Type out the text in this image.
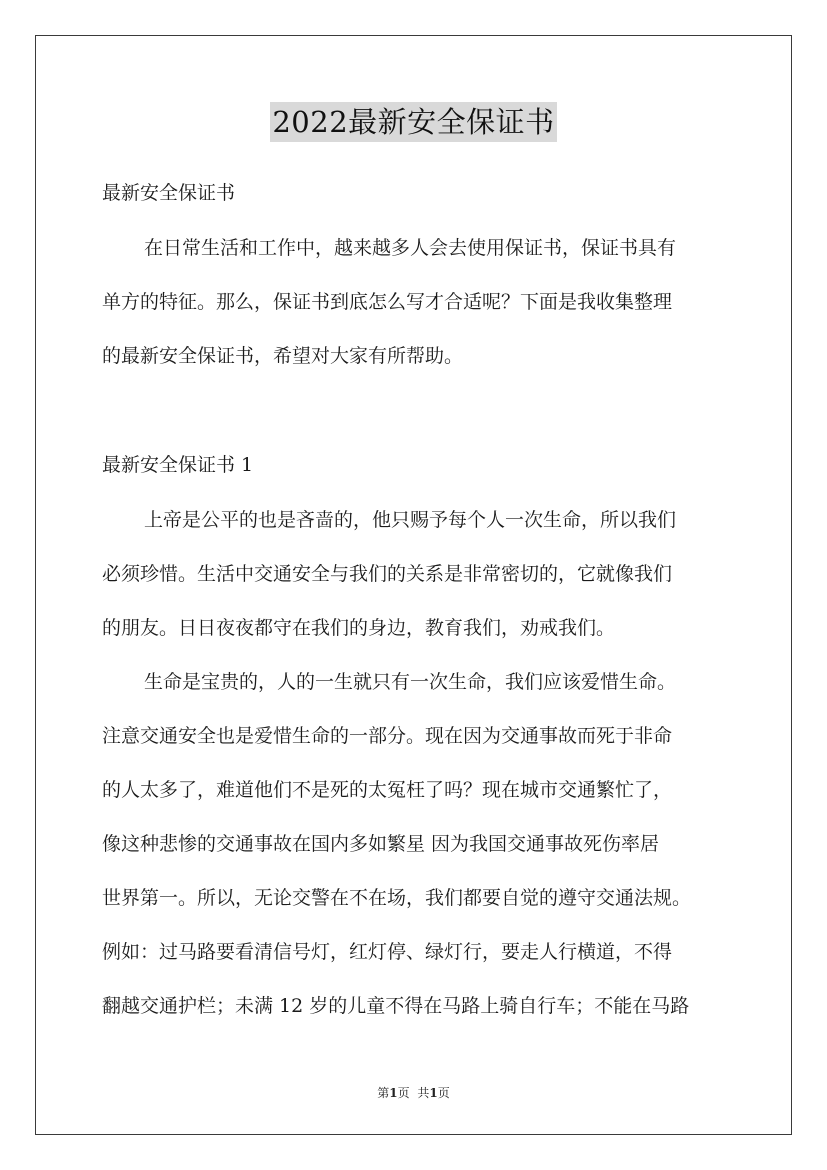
2022最新安全保证书
最新安全保证书
在日常生活和工作中，越来越多人会去使用保证书，保证书具有
单方的特征。那么，保证书到底怎么写才合适呢？下面是我收集整理
的最新安全保证书，希望对大家有所帮助。
最新安全保证书 1
上帝是公平的也是吝啬的，他只赐予每个人一次生命，所以我们
必须珍惜。生活中交通安全与我们的关系是非常密切的，它就像我们
的朋友。日日夜夜都守在我们的身边，教育我们，劝戒我们。
生命是宝贵的，人的一生就只有一次生命，我们应该爱惜生命。
注意交通安全也是爱惜生命的一部分。现在因为交通事故而死于非命
的人太多了，难道他们不是死的太冤枉了吗？现在城市交通繁忙了，
像这种悲惨的交通事故在国内多如繁星 因为我国交通事故死伤率居
世界第一。所以，无论交警在不在场，我们都要自觉的遵守交通法规。
例如：过马路要看清信号灯，红灯停、绿灯行，要走人行横道，不得
翻越交通护栏；未满 12 岁的儿童不得在马路上骑自行车；不能在马路
第1页 共1页
